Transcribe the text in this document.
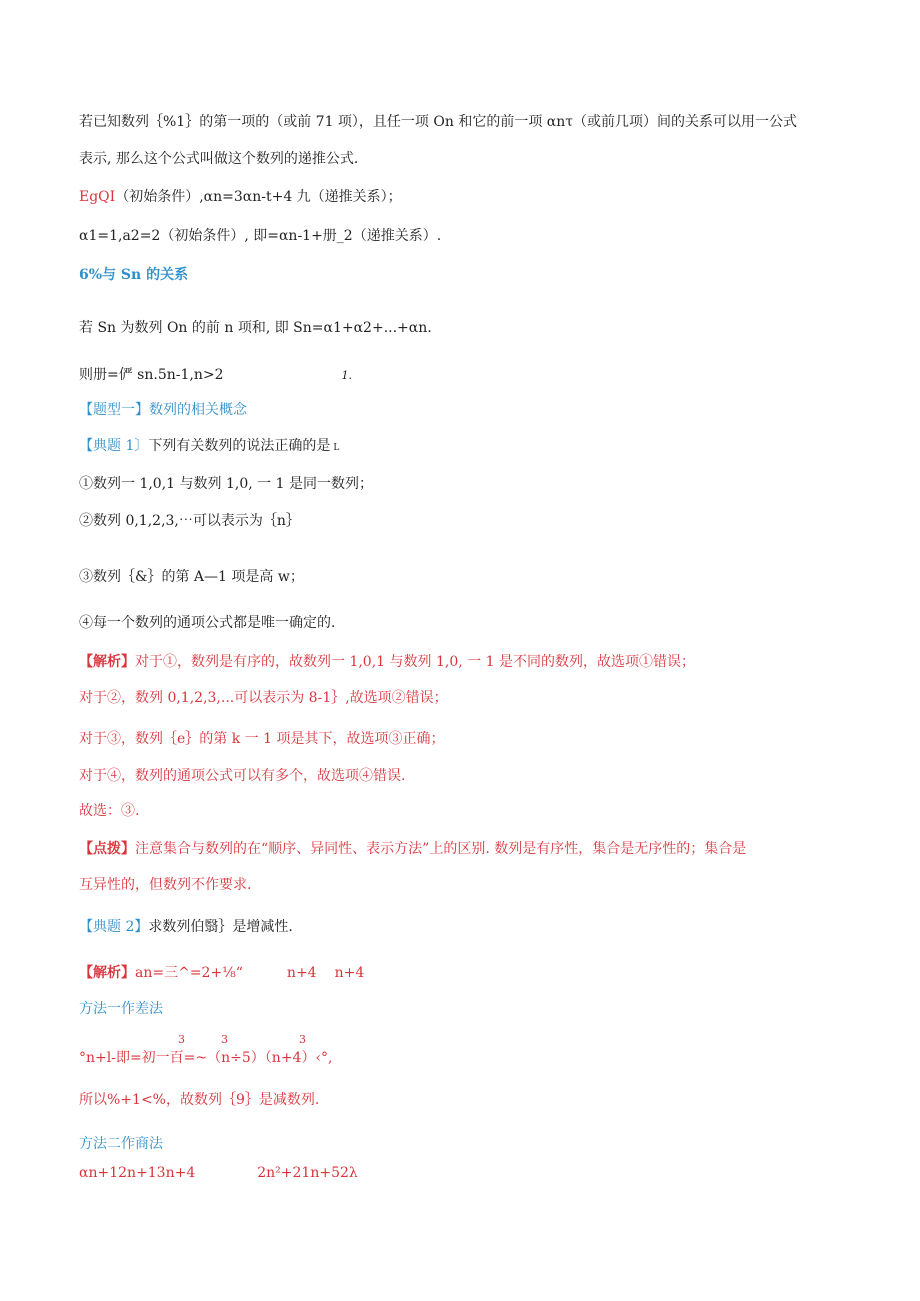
若已知数列｛%1｝的第一项的（或前 71 项），且任一项 On 和它的前一项 αnτ（或前几项）间的关系可以用一公式
表示, 那么这个公式叫做这个数列的递推公式.
EgQI（初始条件）,αn=3αn-t+4 九（递推关系）；
α1=1,a2=2（初始条件）, 即=αn-1+册_2（递推关系）.
6%与 Sn 的关系
若 Sn 为数列 On 的前 n 项和, 即 Sn=α1+α2+...+αn.
则册=俨 sn.5n-1,n>2	1.
【题型一】数列的相关概念
【典题 1〕下列有关数列的说法正确的是 L
①数列一 1,0,1 与数列 1,0, 一 1 是同一数列；
②数列 0,1,2,3,⋯可以表示为｛n｝
③数列｛&｝的第 A—1 项是高 w；
④每一个数列的通项公式都是唯一确定的.
【解析】对于①，数列是有序的，故数列一 1,0,1 与数列 1,0, 一 1 是不同的数列，故选项①错误；
对于②，数列 0,1,2,3,...可以表示为 8-1｝,故选项②错误；
对于③，数列｛e｝的第 k 一 1 项是其下，故选项③正确；
对于④，数列的通项公式可以有多个，故选项④错误.
故选：③.
【点拨】注意集合与数列的在“顺序、异同性、表示方法”上的区别. 数列是有序性，集合是无序性的；集合是
互异性的，但数列不作要求.
【典题 2】求数列伯翳｝是增减性.
【解析】an=三^=2+⅛“	n+4 n+4
方法一作差法
3	3	3
°n+l-即=初一百=~（n÷5）（n+4）‹°,
所以%+1<%，故数列｛9｝是减数列.
方法二作商法
αn+12n+13n+4	2n²+21n+52λ
